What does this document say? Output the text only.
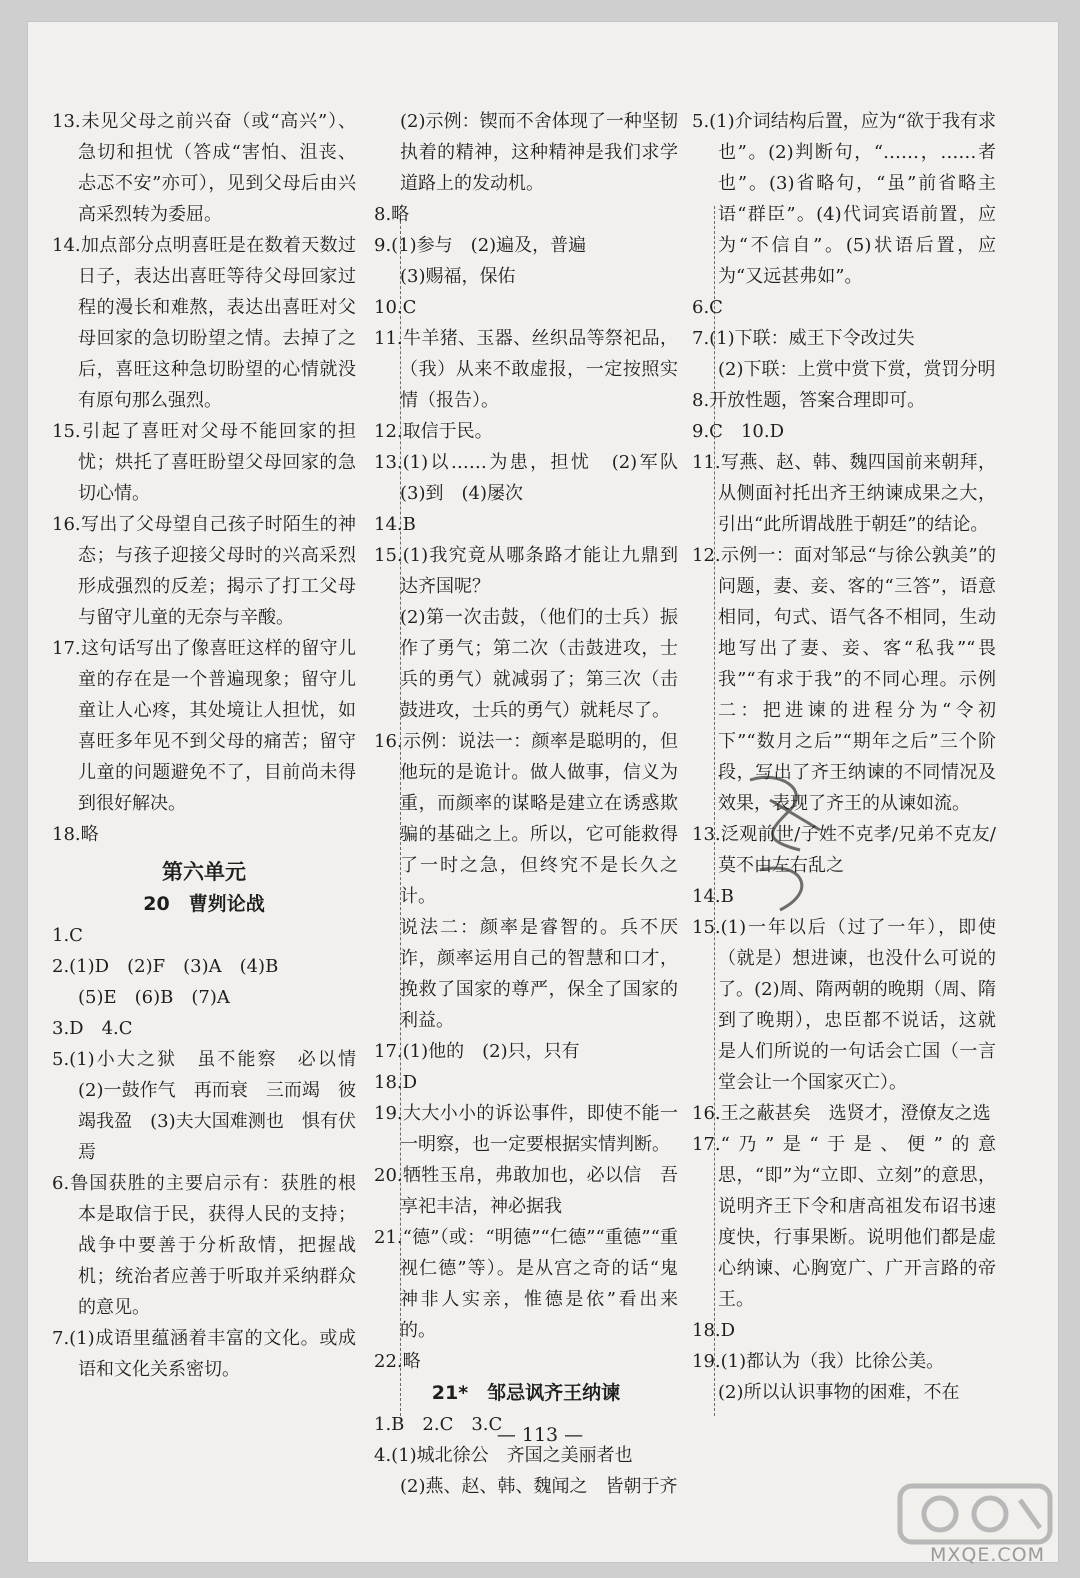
13.未见父母之前兴奋（或“高兴”）、急切和担忧（答成“害怕、沮丧、忐忑不安”亦可），见到父母后由兴高采烈转为委屈。

14.加点部分点明喜旺是在数着天数过日子，表达出喜旺等待父母回家过程的漫长和难熬，表达出喜旺对父母回家的急切盼望之情。去掉了之后，喜旺这种急切盼望的心情就没有原句那么强烈。

15.引起了喜旺对父母不能回家的担忧；烘托了喜旺盼望父母回家的急切心情。

16.写出了父母望自己孩子时陌生的神态；与孩子迎接父母时的兴高采烈形成强烈的反差；揭示了打工父母与留守儿童的无奈与辛酸。

17.这句话写出了像喜旺这样的留守儿童的存在是一个普遍现象；留守儿童让人心疼，其处境让人担忧，如喜旺多年见不到父母的痛苦；留守儿童的问题避免不了，目前尚未得到很好解决。

18.略

第六单元
20　曹刿论战

1.C

2.(1)D　(2)F　(3)A　(4)B

(5)E　(6)B　(7)A

3.D　4.C

5.(1)小大之狱　虽不能察　必以情　(2)一鼓作气　再而衰　三而竭　彼竭我盈　(3)夫大国难测也　惧有伏焉

6.鲁国获胜的主要启示有：获胜的根本是取信于民，获得人民的支持；战争中要善于分析敌情，把握战机；统治者应善于听取并采纳群众的意见。

7.(1)成语里蕴涵着丰富的文化。或成语和文化关系密切。

(2)示例：锲而不舍体现了一种坚韧执着的精神，这种精神是我们求学道路上的发动机。

8.略

9.(1)参与　(2)遍及，普遍

(3)赐福，保佑

10.C

11.牛羊猪、玉器、丝织品等祭祀品，（我）从来不敢虚报，一定按照实情（报告）。

12.取信于民。

13.(1)以……为患，担忧　(2)军队　(3)到　(4)屡次

14.B

15.(1)我究竟从哪条路才能让九鼎到达齐国呢？

(2)第一次击鼓，（他们的士兵）振作了勇气；第二次（击鼓进攻，士兵的勇气）就减弱了；第三次（击鼓进攻，士兵的勇气）就耗尽了。

16.示例：说法一：颜率是聪明的，但他玩的是诡计。做人做事，信义为重，而颜率的谋略是建立在诱惑欺骗的基础之上。所以，它可能救得了一时之急，但终究不是长久之计。

说法二：颜率是睿智的。兵不厌诈，颜率运用自己的智慧和口才，挽救了国家的尊严，保全了国家的利益。

17.(1)他的　(2)只，只有

18.D

19.大大小小的诉讼事件，即使不能一一明察，也一定要根据实情判断。

20.牺牲玉帛，弗敢加也，必以信　吾享祀丰洁，神必据我

21.“德”（或：“明德”“仁德”“重德”“重视仁德”等）。是从宫之奇的话“鬼神非人实亲，惟德是依”看出来的。

22.略

21*　邹忌讽齐王纳谏

1.B　2.C　3.C

4.(1)城北徐公　齐国之美丽者也

(2)燕、赵、韩、魏闻之　皆朝于齐

5.(1)介词结构后置，应为“欲于我有求也”。(2)判断句，“……，……者也”。(3)省略句，“虽”前省略主语“群臣”。(4)代词宾语前置，应为“不信自”。(5)状语后置，应为“又远甚弗如”。

6.C

7.(1)下联：威王下令改过失

(2)下联：上赏中赏下赏，赏罚分明

8.开放性题，答案合理即可。

9.C　10.D

11.写燕、赵、韩、魏四国前来朝拜，从侧面衬托出齐王纳谏成果之大，引出“此所谓战胜于朝廷”的结论。

12.示例一：面对邹忌“与徐公孰美”的问题，妻、妾、客的“三答”，语意相同，句式、语气各不相同，生动地写出了妻、妾、客“私我”“畏我”“有求于我”的不同心理。示例二：把进谏的进程分为“令初下”“数月之后”“期年之后”三个阶段，写出了齐王纳谏的不同情况及效果，表现了齐王的从谏如流。

13.泛观前世/子姓不克孝/兄弟不克友/莫不由左右乱之

14.B

15.(1)一年以后（过了一年），即使（就是）想进谏，也没什么可说的了。(2)周、隋两朝的晚期（周、隋到了晚期），忠臣都不说话，这就是人们所说的一句话会亡国（一言堂会让一个国家灭亡）。

16.王之蔽甚矣　选贤才，澄僚友之选

17.“乃”是“于是、便”的意思，“即”为“立即、立刻”的意思，说明齐王下令和唐高祖发布诏书速度快，行事果断。说明他们都是虚心纳谏、心胸宽广、广开言路的帝王。

18.D

19.(1)都认为（我）比徐公美。

(2)所以认识事物的困难，不在

— 113 —
MXQE.COM
